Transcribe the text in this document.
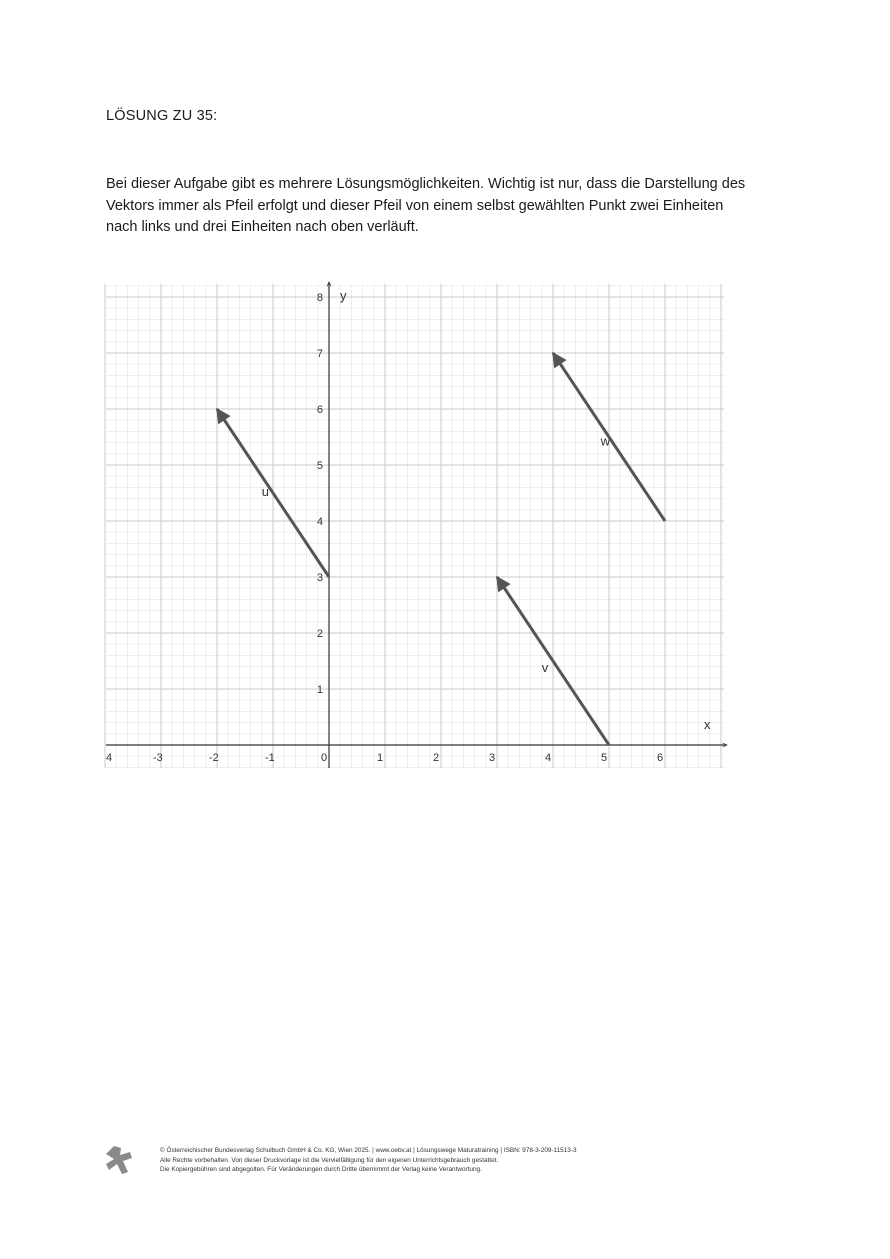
LÖSUNG ZU 35:

Bei dieser Aufgabe gibt es mehrere Lösungsmöglichkeiten. Wichtig ist nur, dass die Darstellung des

Vektors immer als Pfeil erfolgt und dieser Pfeil von einem selbst gewählten Punkt zwei Einheiten

nach links und drei Einheiten nach oben verläuft.

x
y
4	-3	-2	-1	0	1	2	3	4	5	6
1
2
3
4
5
6
7
8
u
v
w
© Österreichischer Bundesverlag Schulbuch GmbH & Co. KG, Wien 2025. | www.oebv.at | Lösungswege Maturatraining | ISBN: 978-3-209-11513-3
Alle Rechte vorbehalten. Von dieser Druckvorlage ist die Vervielfältigung für den eigenen Unterrichtsgebrauch gestattet.
Die Kopiergebühren sind abgegolten. Für Veränderungen durch Dritte übernimmt der Verlag keine Verantwortung.
